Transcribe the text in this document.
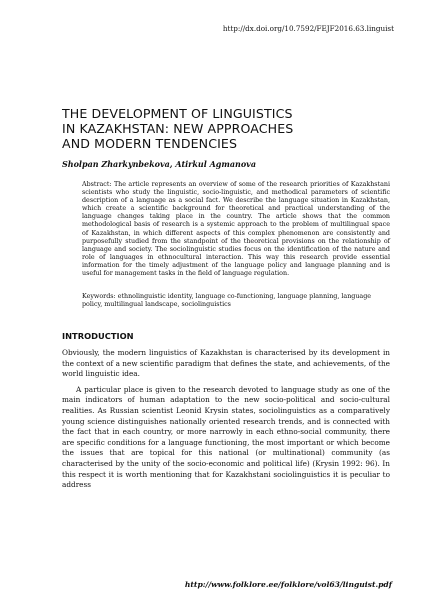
http://dx.doi.org/10.7592/FEJF2016.63.linguist
THE DEVELOPMENT OF LINGUISTICS
IN KAZAKHSTAN: NEW APPROACHES
AND MODERN TENDENCIES
Sholpan Zharkynbekova, Atirkul Agmanova
Abstract: The article represents an overview of some of the research priorities of Kazakhstani scientists who study the linguistic, socio-linguistic, and methodical parameters of scientific description of a language as a social fact. We describe the language situation in Kazakhstan, which create a scientific background for theoretical and practical understanding of the language changes taking place in the country. The article shows that the common methodological basis of research is a systemic approach to the problem of multilingual space of Kazakhstan, in which different aspects of this complex phenomenon are consistently and purposefully studied from the standpoint of the theoretical provisions on the relationship of language and society. The sociolinguistic studies focus on the identification of the nature and role of languages in ethnocultural interaction. This way this research provide essential information for the timely adjustment of the language policy and language planning and is useful for management tasks in the field of language regulation.
Keywords: ethnolinguistic identity, language co-functioning, language planning, language policy, multilingual landscape, sociolinguistics
INTRODUCTION

Obviously, the modern linguistics of Kazakhstan is characterised by its development in the context of a new scientific paradigm that defines the state, and achievements, of the world linguistic idea.

A particular place is given to the research devoted to language study as one of the main indicators of human adaptation to the new socio-political and socio-cultural realities. As Russian scientist Leonid Krysin states, sociolinguistics as a comparatively young science distinguishes nationally oriented research trends, and is connected with the fact that in each country, or more narrowly in each ethno-social community, there are specific conditions for a language functioning, the most important or which become the issues that are topical for this national (or multinational) community (as characterised by the unity of the socio-economic and political life) (Krysin 1992: 96). In this respect it is worth mentioning that for Kazakhstani sociolinguistics it is peculiar to address

http://www.folklore.ee/folklore/vol63/linguist.pdf
